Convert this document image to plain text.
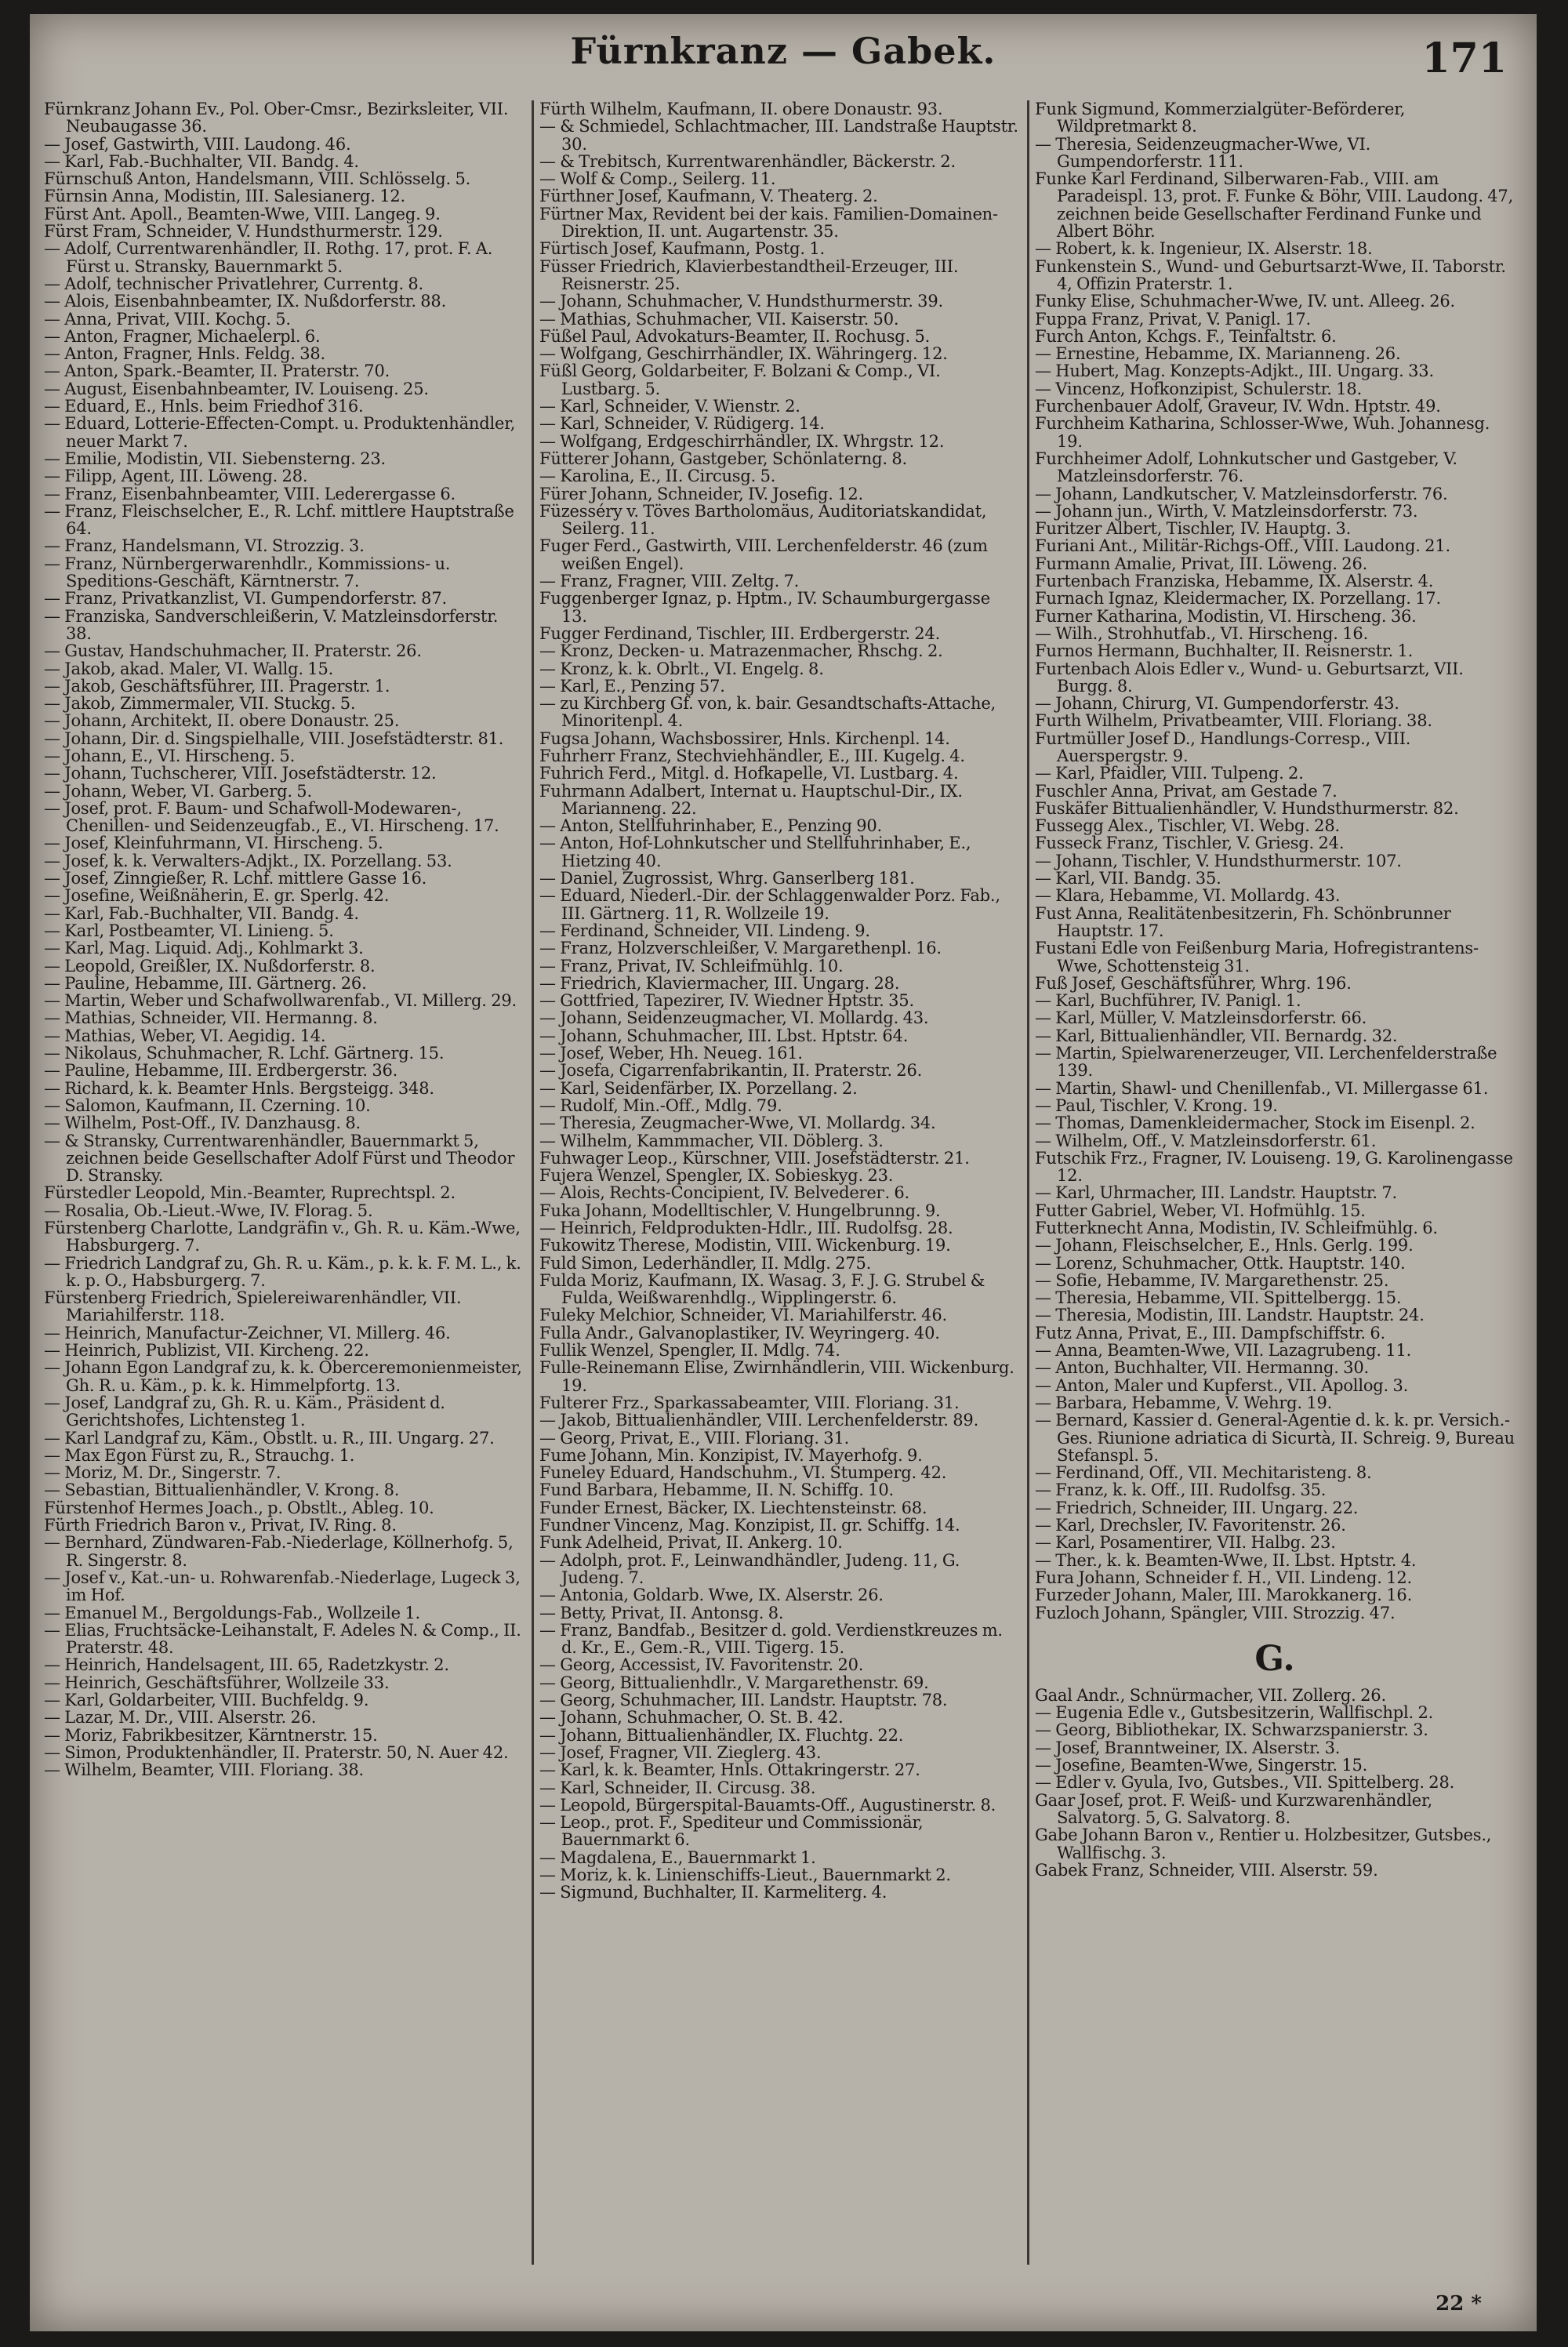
Fürnkranz — Gabek.	171

Fürnkranz Johann Ev., Pol. Ober-Cmsr., Bezirksleiter, VII. Neubaugasse 36.

— Josef, Gastwirth, VIII. Laudong. 46.

— Karl, Fab.-Buchhalter, VII. Bandg. 4.

Fürnschuß Anton, Handelsmann, VIII. Schlösselg. 5.

Fürnsin Anna, Modistin, III. Salesianerg. 12.

Fürst Ant. Apoll., Beamten-Wwe, VIII. Langeg. 9.

Fürst Fram, Schneider, V. Hundsthurmerstr. 129.

— Adolf, Currentwarenhändler, II. Rothg. 17, prot. F. A. Fürst u. Stransky, Bauernmarkt 5.

— Adolf, technischer Privatlehrer, Currentg. 8.

— Alois, Eisenbahnbeamter, IX. Nußdorferstr. 88.

— Anna, Privat, VIII. Kochg. 5.

— Anton, Fragner, Michaelerpl. 6.

— Anton, Fragner, Hnls. Feldg. 38.

— Anton, Spark.-Beamter, II. Praterstr. 70.

— August, Eisenbahnbeamter, IV. Louiseng. 25.

— Eduard, E., Hnls. beim Friedhof 316.

— Eduard, Lotterie-Effecten-Compt. u. Produktenhändler, neuer Markt 7.

— Emilie, Modistin, VII. Siebensterng. 23.

— Filipp, Agent, III. Löweng. 28.

— Franz, Eisenbahnbeamter, VIII. Lederergasse 6.

— Franz, Fleischselcher, E., R. Lchf. mittlere Hauptstraße 64.

— Franz, Handelsmann, VI. Strozzig. 3.

— Franz, Nürnbergerwarenhdlr., Kommissions- u. Speditions-Geschäft, Kärntnerstr. 7.

— Franz, Privatkanzlist, VI. Gumpendorferstr. 87.

— Franziska, Sandverschleißerin, V. Matzleinsdorferstr. 38.

— Gustav, Handschuhmacher, II. Praterstr. 26.

— Jakob, akad. Maler, VI. Wallg. 15.

— Jakob, Geschäftsführer, III. Pragerstr. 1.

— Jakob, Zimmermaler, VII. Stuckg. 5.

— Johann, Architekt, II. obere Donaustr. 25.

— Johann, Dir. d. Singspielhalle, VIII. Josefstädterstr. 81.

— Johann, E., VI. Hirscheng. 5.

— Johann, Tuchscherer, VIII. Josefstädterstr. 12.

— Johann, Weber, VI. Garberg. 5.

— Josef, prot. F. Baum- und Schafwoll-Modewaren-, Chenillen- und Seidenzeugfab., E., VI. Hirscheng. 17.

— Josef, Kleinfuhrmann, VI. Hirscheng. 5.

— Josef, k. k. Verwalters-Adjkt., IX. Porzellang. 53.

— Josef, Zinngießer, R. Lchf. mittlere Gasse 16.

— Josefine, Weißnäherin, E. gr. Sperlg. 42.

— Karl, Fab.-Buchhalter, VII. Bandg. 4.

— Karl, Postbeamter, VI. Linieng. 5.

— Karl, Mag. Liquid. Adj., Kohlmarkt 3.

— Leopold, Greißler, IX. Nußdorferstr. 8.

— Pauline, Hebamme, III. Gärtnerg. 26.

— Martin, Weber und Schafwollwarenfab., VI. Millerg. 29.

— Mathias, Schneider, VII. Hermanng. 8.

— Mathias, Weber, VI. Aegidig. 14.

— Nikolaus, Schuhmacher, R. Lchf. Gärtnerg. 15.

— Pauline, Hebamme, III. Erdbergerstr. 36.

— Richard, k. k. Beamter Hnls. Bergsteigg. 348.

— Salomon, Kaufmann, II. Czerning. 10.

— Wilhelm, Post-Off., IV. Danzhausg. 8.

— & Stransky, Currentwarenhändler, Bauernmarkt 5, zeichnen beide Gesellschafter Adolf Fürst und Theodor D. Stransky.

Fürstedler Leopold, Min.-Beamter, Ruprechtspl. 2.

— Rosalia, Ob.-Lieut.-Wwe, IV. Florag. 5.

Fürstenberg Charlotte, Landgräfin v., Gh. R. u. Käm.-Wwe, Habsburgerg. 7.

— Friedrich Landgraf zu, Gh. R. u. Käm., p. k. k. F. M. L., k. k. p. O., Habsburgerg. 7.

Fürstenberg Friedrich, Spielereiwarenhändler, VII. Mariahilferstr. 118.

— Heinrich, Manufactur-Zeichner, VI. Millerg. 46.

— Heinrich, Publizist, VII. Kircheng. 22.

— Johann Egon Landgraf zu, k. k. Oberceremonienmeister, Gh. R. u. Käm., p. k. k. Himmelpfortg. 13.

— Josef, Landgraf zu, Gh. R. u. Käm., Präsident d. Gerichtshofes, Lichtensteg 1.

— Karl Landgraf zu, Käm., Obstlt. u. R., III. Ungarg. 27.

— Max Egon Fürst zu, R., Strauchg. 1.

— Moriz, M. Dr., Singerstr. 7.

— Sebastian, Bittualienhändler, V. Krong. 8.

Fürstenhof Hermes Joach., p. Obstlt., Ableg. 10.

Fürth Friedrich Baron v., Privat, IV. Ring. 8.

— Bernhard, Zündwaren-Fab.-Niederlage, Köllnerhofg. 5, R. Singerstr. 8.

— Josef v., Kat.-un- u. Rohwarenfab.-Niederlage, Lugeck 3, im Hof.

— Emanuel M., Bergoldungs-Fab., Wollzeile 1.

— Elias, Fruchtsäcke-Leihanstalt, F. Adeles N. & Comp., II. Praterstr. 48.

— Heinrich, Handelsagent, III. 65, Radetzkystr. 2.

— Heinrich, Geschäftsführer, Wollzeile 33.

— Karl, Goldarbeiter, VIII. Buchfeldg. 9.

— Lazar, M. Dr., VIII. Alserstr. 26.

— Moriz, Fabrikbesitzer, Kärntnerstr. 15.

— Simon, Produktenhändler, II. Praterstr. 50, N. Auer 42.

— Wilhelm, Beamter, VIII. Floriang. 38.

Fürth Wilhelm, Kaufmann, II. obere Donaustr. 93.

— & Schmiedel, Schlachtmacher, III. Landstraße Hauptstr. 30.

— & Trebitsch, Kurrentwarenhändler, Bäckerstr. 2.

— Wolf & Comp., Seilerg. 11.

Fürthner Josef, Kaufmann, V. Theaterg. 2.

Fürtner Max, Revident bei der kais. Familien-Domainen-Direktion, II. unt. Augartenstr. 35.

Fürtisch Josef, Kaufmann, Postg. 1.

Füsser Friedrich, Klavierbestandtheil-Erzeuger, III. Reisnerstr. 25.

— Johann, Schuhmacher, V. Hundsthurmerstr. 39.

— Mathias, Schuhmacher, VII. Kaiserstr. 50.

Füßel Paul, Advokaturs-Beamter, II. Rochusg. 5.

— Wolfgang, Geschirrhändler, IX. Währingerg. 12.

Füßl Georg, Goldarbeiter, F. Bolzani & Comp., VI. Lustbarg. 5.

— Karl, Schneider, V. Wienstr. 2.

— Karl, Schneider, V. Rüdigerg. 14.

— Wolfgang, Erdgeschirrhändler, IX. Whrgstr. 12.

Fütterer Johann, Gastgeber, Schönlaterng. 8.

— Karolina, E., II. Circusg. 5.

Fürer Johann, Schneider, IV. Josefig. 12.

Füzesséry v. Töves Bartholomäus, Auditoriatskandidat, Seilerg. 11.

Fuger Ferd., Gastwirth, VIII. Lerchenfelderstr. 46 (zum weißen Engel).

— Franz, Fragner, VIII. Zeltg. 7.

Fuggenberger Ignaz, p. Hptm., IV. Schaumburgergasse 13.

Fugger Ferdinand, Tischler, III. Erdbergerstr. 24.

— Kronz, Decken- u. Matrazenmacher, Rhschg. 2.

— Kronz, k. k. Obrlt., VI. Engelg. 8.

— Karl, E., Penzing 57.

— zu Kirchberg Gf. von, k. bair. Gesandtschafts-Attache, Minoritenpl. 4.

Fugsa Johann, Wachsbossirer, Hnls. Kirchenpl. 14.

Fuhrherr Franz, Stechviehhändler, E., III. Kugelg. 4.

Fuhrich Ferd., Mitgl. d. Hofkapelle, VI. Lustbarg. 4.

Fuhrmann Adalbert, Internat u. Hauptschul-Dir., IX. Marianneng. 22.

— Anton, Stellfuhrinhaber, E., Penzing 90.

— Anton, Hof-Lohnkutscher und Stellfuhrinhaber, E., Hietzing 40.

— Daniel, Zugrossist, Whrg. Ganserlberg 181.

— Eduard, Niederl.-Dir. der Schlaggenwalder Porz. Fab., III. Gärtnerg. 11, R. Wollzeile 19.

— Ferdinand, Schneider, VII. Lindeng. 9.

— Franz, Holzverschleißer, V. Margarethenpl. 16.

— Franz, Privat, IV. Schleifmühlg. 10.

— Friedrich, Klaviermacher, III. Ungarg. 28.

— Gottfried, Tapezirer, IV. Wiedner Hptstr. 35.

— Johann, Seidenzeugmacher, VI. Mollardg. 43.

— Johann, Schuhmacher, III. Lbst. Hptstr. 64.

— Josef, Weber, Hh. Neueg. 161.

— Josefa, Cigarrenfabrikantin, II. Praterstr. 26.

— Karl, Seidenfärber, IX. Porzellang. 2.

— Rudolf, Min.-Off., Mdlg. 79.

— Theresia, Zeugmacher-Wwe, VI. Mollardg. 34.

— Wilhelm, Kammmacher, VII. Döblerg. 3.

Fuhwager Leop., Kürschner, VIII. Josefstädterstr. 21.

Fujera Wenzel, Spengler, IX. Sobieskyg. 23.

— Alois, Rechts-Concipient, IV. Belvederег. 6.

Fuka Johann, Modelltischler, V. Hungelbrunng. 9.

— Heinrich, Feldprodukten-Hdlr., III. Rudolfsg. 28.

Fukowitz Therese, Modistin, VIII. Wickenburg. 19.

Fuld Simon, Lederhändler, II. Mdlg. 275.

Fulda Moriz, Kaufmann, IX. Wasag. 3, F. J. G. Strubel & Fulda, Weißwarenhdlg., Wipplingerstr. 6.

Fuleky Melchior, Schneider, VI. Mariahilferstr. 46.

Fulla Andr., Galvanoplastiker, IV. Weyringerg. 40.

Fullik Wenzel, Spengler, II. Mdlg. 74.

Fulle-Reinemann Elise, Zwirnhändlerin, VIII. Wickenburg. 19.

Fulterer Frz., Sparkassabeamter, VIII. Floriang. 31.

— Jakob, Bittualienhändler, VIII. Lerchenfelderstr. 89.

— Georg, Privat, E., VIII. Floriang. 31.

Fume Johann, Min. Konzipist, IV. Mayerhofg. 9.

Funeley Eduard, Handschuhm., VI. Stumperg. 42.

Fund Barbara, Hebamme, II. N. Schiffg. 10.

Funder Ernest, Bäcker, IX. Liechtensteinstr. 68.

Fundner Vincenz, Mag. Konzipist, II. gr. Schiffg. 14.

Funk Adelheid, Privat, II. Ankerg. 10.

— Adolph, prot. F., Leinwandhändler, Judeng. 11, G. Judeng. 7.

— Antonia, Goldarb. Wwe, IX. Alserstr. 26.

— Betty, Privat, II. Antonsg. 8.

— Franz, Bandfab., Besitzer d. gold. Verdienstkreuzes m. d. Kr., E., Gem.-R., VIII. Tigerg. 15.

— Georg, Accessist, IV. Favoritenstr. 20.

— Georg, Bittualienhdlr., V. Margarethenstr. 69.

— Georg, Schuhmacher, III. Landstr. Hauptstr. 78.

— Johann, Schuhmacher, O. St. B. 42.

— Johann, Bittualienhändler, IX. Fluchtg. 22.

— Josef, Fragner, VII. Zieglerg. 43.

— Karl, k. k. Beamter, Hnls. Ottakringerstr. 27.

— Karl, Schneider, II. Circusg. 38.

— Leopold, Bürgerspital-Bauamts-Off., Augustinerstr. 8.

— Leop., prot. F., Spediteur und Commissionär, Bauernmarkt 6.

— Magdalena, E., Bauernmarkt 1.

— Moriz, k. k. Linienschiffs-Lieut., Bauernmarkt 2.

— Sigmund, Buchhalter, II. Karmeliterg. 4.

Funk Sigmund, Kommerzialgüter-Beförderer, Wildpretmarkt 8.

— Theresia, Seidenzeugmacher-Wwe, VI. Gumpendorferstr. 111.

Funke Karl Ferdinand, Silberwaren-Fab., VIII. am Paradeispl. 13, prot. F. Funke & Böhr, VIII. Laudong. 47, zeichnen beide Gesellschafter Ferdinand Funke und Albert Böhr.

— Robert, k. k. Ingenieur, IX. Alserstr. 18.

Funkenstein S., Wund- und Geburtsarzt-Wwe, II. Taborstr. 4, Offizin Praterstr. 1.

Funky Elise, Schuhmacher-Wwe, IV. unt. Alleeg. 26.

Fuppa Franz, Privat, V. Panigl. 17.

Furch Anton, Kchgs. F., Teinfaltstr. 6.

— Ernestine, Hebamme, IX. Marianneng. 26.

— Hubert, Mag. Konzepts-Adjkt., III. Ungarg. 33.

— Vincenz, Hofkonzipist, Schulerstr. 18.

Furchenbauer Adolf, Graveur, IV. Wdn. Hptstr. 49.

Furchheim Katharina, Schlosser-Wwe, Wuh. Johannesg. 19.

Furchheimer Adolf, Lohnkutscher und Gastgeber, V. Matzleinsdorferstr. 76.

— Johann, Landkutscher, V. Matzleinsdorferstr. 76.

— Johann jun., Wirth, V. Matzleinsdorferstr. 73.

Furitzer Albert, Tischler, IV. Hauptg. 3.

Furiani Ant., Militär-Richgs-Off., VIII. Laudong. 21.

Furmann Amalie, Privat, III. Löweng. 26.

Furtenbach Franziska, Hebamme, IX. Alserstr. 4.

Furnach Ignaz, Kleidermacher, IX. Porzellang. 17.

Furner Katharina, Modistin, VI. Hirscheng. 36.

— Wilh., Strohhutfab., VI. Hirscheng. 16.

Furnos Hermann, Buchhalter, II. Reisnerstr. 1.

Furtenbach Alois Edler v., Wund- u. Geburtsarzt, VII. Burgg. 8.

— Johann, Chirurg, VI. Gumpendorferstr. 43.

Furth Wilhelm, Privatbeamter, VIII. Floriang. 38.

Furtmüller Josef D., Handlungs-Corresp., VIII. Auerspergstr. 9.

— Karl, Pfaidler, VIII. Tulpeng. 2.

Fuschler Anna, Privat, am Gestade 7.

Fuskäfer Bittualienhändler, V. Hundsthurmerstr. 82.

Fussegg Alex., Tischler, VI. Webg. 28.

Fusseck Franz, Tischler, V. Griesg. 24.

— Johann, Tischler, V. Hundsthurmerstr. 107.

— Karl, VII. Bandg. 35.

— Klara, Hebamme, VI. Mollardg. 43.

Fust Anna, Realitätenbesitzerin, Fh. Schönbrunner Hauptstr. 17.

Fustani Edle von Feißenburg Maria, Hofregistrantens-Wwe, Schottensteig 31.

Fuß Josef, Geschäftsführer, Whrg. 196.

— Karl, Buchführer, IV. Panigl. 1.

— Karl, Müller, V. Matzleinsdorferstr. 66.

— Karl, Bittualienhändler, VII. Bernardg. 32.

— Martin, Spielwarenerzeuger, VII. Lerchenfelderstraße 139.

— Martin, Shawl- und Chenillenfab., VI. Millergasse 61.

— Paul, Tischler, V. Krong. 19.

— Thomas, Damenkleidermacher, Stock im Eisenpl. 2.

— Wilhelm, Off., V. Matzleinsdorferstr. 61.

Futschik Frz., Fragner, IV. Louiseng. 19, G. Karolinengasse 12.

— Karl, Uhrmacher, III. Landstr. Hauptstr. 7.

Futter Gabriel, Weber, VI. Hofmühlg. 15.

Futterknecht Anna, Modistin, IV. Schleifmühlg. 6.

— Johann, Fleischselcher, E., Hnls. Gerlg. 199.

— Lorenz, Schuhmacher, Ottk. Hauptstr. 140.

— Sofie, Hebamme, IV. Margarethenstr. 25.

— Theresia, Hebamme, VII. Spittelbergg. 15.

— Theresia, Modistin, III. Landstr. Hauptstr. 24.

Futz Anna, Privat, E., III. Dampfschiffstr. 6.

— Anna, Beamten-Wwe, VII. Lazagrubeng. 11.

— Anton, Buchhalter, VII. Hermanng. 30.

— Anton, Maler und Kupferst., VII. Apollog. 3.

— Barbara, Hebamme, V. Wehrg. 19.

— Bernard, Kassier d. General-Agentie d. k. k. pr. Versich.-Ges. Riunione adriatica di Sicurtà, II. Schreig. 9, Bureau Stefanspl. 5.

— Ferdinand, Off., VII. Mechitaristeng. 8.

— Franz, k. k. Off., III. Rudolfsg. 35.

— Friedrich, Schneider, III. Ungarg. 22.

— Karl, Drechsler, IV. Favoritenstr. 26.

— Karl, Posamentirer, VII. Halbg. 23.

— Ther., k. k. Beamten-Wwe, II. Lbst. Hptstr. 4.

Fura Johann, Schneider f. H., VII. Lindeng. 12.

Furzeder Johann, Maler, III. Marokkanerg. 16.

Fuzloch Johann, Spängler, VIII. Strozzig. 47.

G.

Gaal Andr., Schnürmacher, VII. Zollerg. 26.

— Eugenia Edle v., Gutsbesitzerin, Wallfischpl. 2.

— Georg, Bibliothekar, IX. Schwarzspanierstr. 3.

— Josef, Branntweiner, IX. Alserstr. 3.

— Josefine, Beamten-Wwe, Singerstr. 15.

— Edler v. Gyula, Ivo, Gutsbes., VII. Spittelberg. 28.

Gaar Josef, prot. F. Weiß- und Kurzwarenhändler, Salvatorg. 5, G. Salvatorg. 8.

Gabe Johann Baron v., Rentier u. Holzbesitzer, Gutsbes., Wallfischg. 3.

Gabek Franz, Schneider, VIII. Alserstr. 59.

22 *
